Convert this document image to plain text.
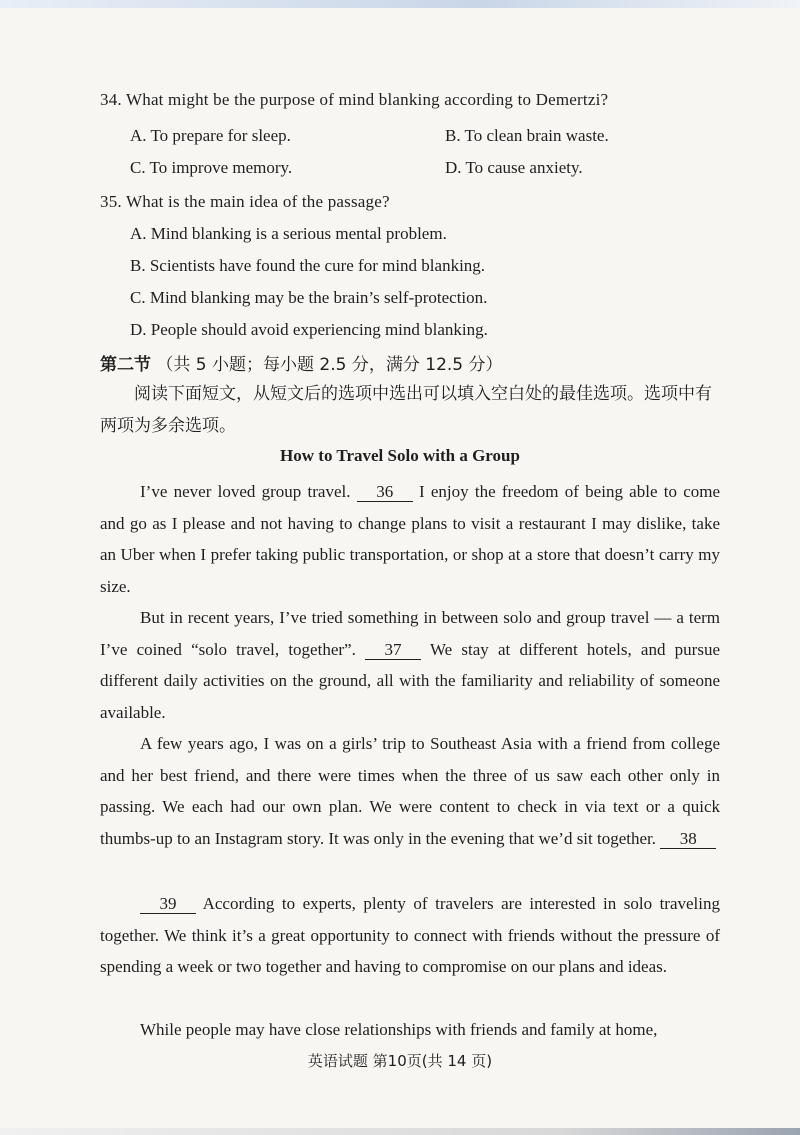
34. What might be the purpose of mind blanking according to Demertzi?
A. To prepare for sleep.	B. To clean brain waste.
C. To improve memory.	D. To cause anxiety.
35. What is the main idea of the passage?
A. Mind blanking is a serious mental problem.
B. Scientists have found the cure for mind blanking.
C. Mind blanking may be the brain’s self-protection.
D. People should avoid experiencing mind blanking.
第二节 （共 5 小题；每小题 2.5 分，满分 12.5 分）
阅读下面短文，从短文后的选项中选出可以填入空白处的最佳选项。选项中有两项为多余选项。
How to Travel Solo with a Group
I’ve never loved group travel. 36 I enjoy the freedom of being able to come and go as I please and not having to change plans to visit a restaurant I may dislike, take an Uber when I prefer taking public transportation, or shop at a store that doesn’t carry my size.
But in recent years, I’ve tried something in between solo and group travel — a term I’ve coined “solo travel, together”. 37 We stay at different hotels, and pursue different daily activities on the ground, all with the familiarity and reliability of someone available.
A few years ago, I was on a girls’ trip to Southeast Asia with a friend from college and her best friend, and there were times when the three of us saw each other only in passing. We each had our own plan. We were content to check in via text or a quick thumbs-up to an Instagram story. It was only in the evening that we’d sit together. 38
39 According to experts, plenty of travelers are interested in solo traveling together. We think it’s a great opportunity to connect with friends without the pressure of spending a week or two together and having to compromise on our plans and ideas.
While people may have close relationships with friends and family at home,
英语试题 第10页(共 14 页)
